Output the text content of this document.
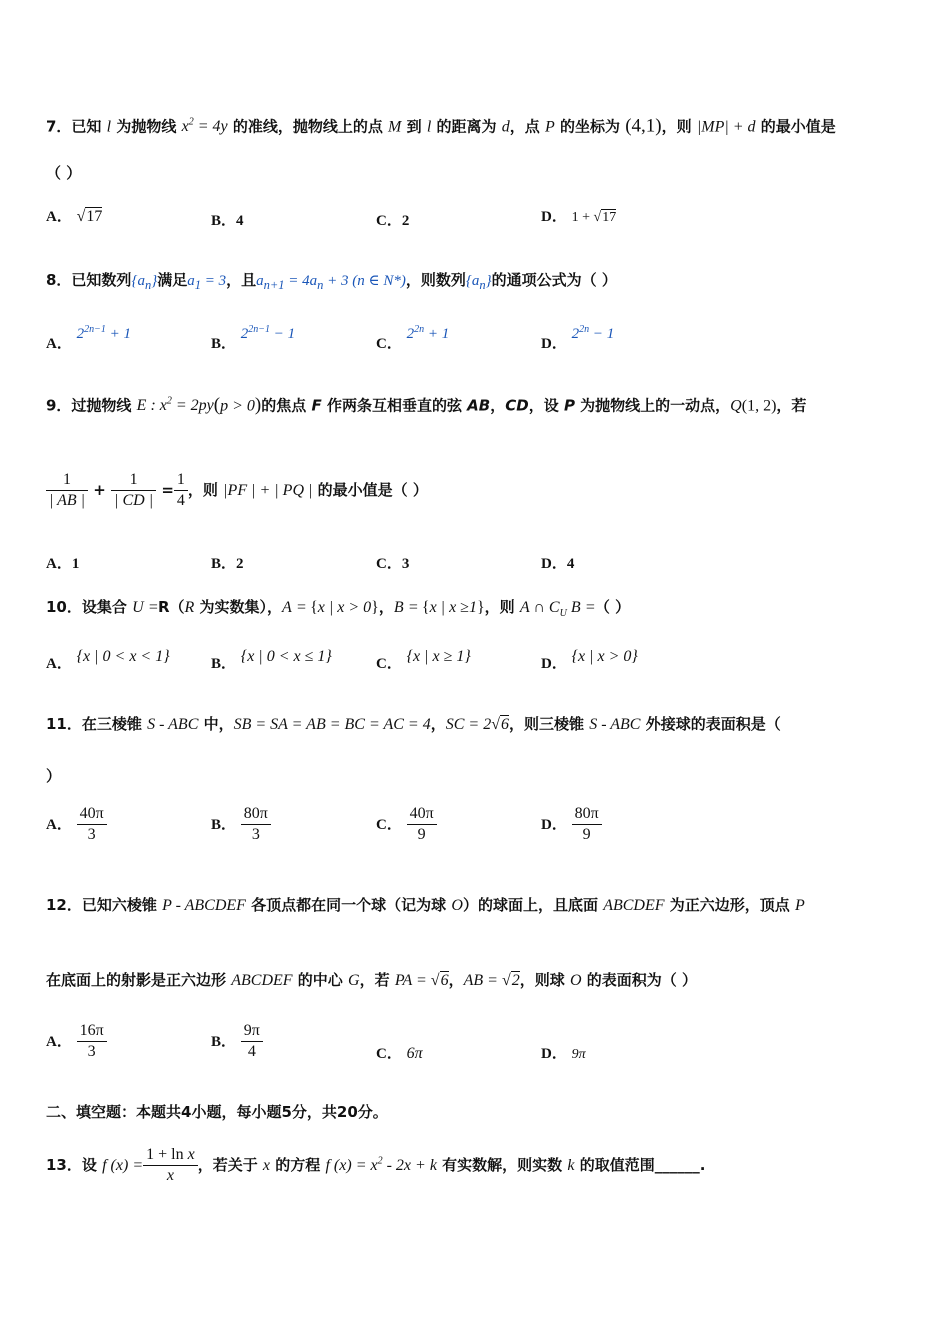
7．已知 l 为抛物线 $x^2 = 4y$ 的准线，抛物线上的点 M 到 l 的距离为 d，点 P 的坐标为 (4,1)，则 |MP| + d 的最小值是
（ ）
A． √17	B．4	C．2	D． 1 + √17
8．已知数列$\{a_n\}$满足$a_1 = 3$，且$a_{n+1} = 4a_n + 3$ (n ∈ N*)，则数列$\{a_n\}$的通项公式为（ ）
A． $2^{2n-1} + 1$
B． $2^{2n-1} - 1$
C． $2^{2n} + 1$
D． $2^{2n} - 1$
9．过抛物线 E : $x^2 = 2py(p > 0)$的焦点 F 作两条互相垂直的弦 AB，CD，设 P 为抛物线上的一动点，Q(1, 2)，若
$\frac{1}{| AB |} + \frac{1}{| CD |} = \frac{1}{4}$ ，则 |PF | + | PQ | 的最小值是（ ）
A．1	B．2	C．3	D．4
10．设集合 U =R（R 为实数集），A = {x | x > 0}，B = {x | x ≥1}，则 A ∩ $C_U$ B =（ ）
A． {x | 0 < x < 1}	B． {x | 0 < x ≤ 1}	C． {x | x ≥ 1}	D． {x | x > 0}
11．在三棱锥 S - ABC 中，SB = SA = AB = BC = AC = 4，SC = 2√6，则三棱锥 S - ABC 外接球的表面积是（
）
A． $\frac{40\pi}{3}$	B． $\frac{80\pi}{3}$	C． $\frac{40\pi}{9}$	D． $\frac{80\pi}{9}$
12．已知六棱锥 P - ABCDEF 各顶点都在同一个球（记为球 O）的球面上，且底面 ABCDEF 为正六边形，顶点 P
在底面上的射影是正六边形 ABCDEF 的中心 G，若 PA = √6，AB = √2，则球 O 的表面积为（ ）
A． $\frac{16\pi}{3}$	B． $\frac{9\pi}{4}$	C． 6π	D． 9π
二、填空题：本题共4小题，每小题5分，共20分。
13．设 f $(x) = \frac{\text{1 + ln x}}{x}$ ，若关于 x 的方程 f $(x) = x^2 - 2x + k$ 有实数解，则实数 k 的取值范围______.
